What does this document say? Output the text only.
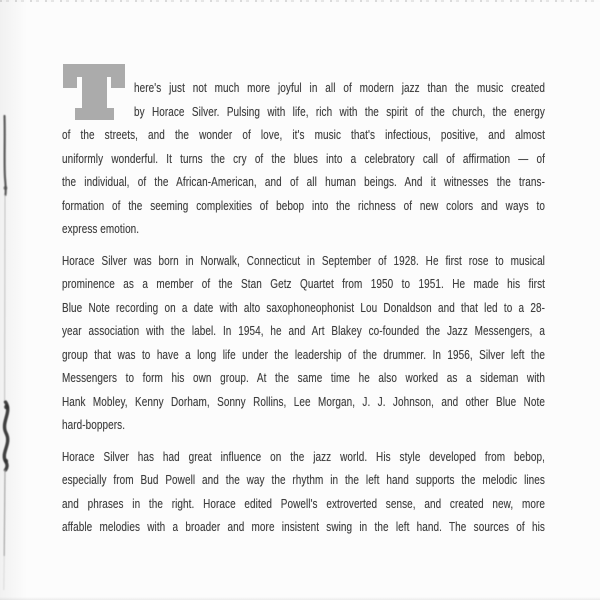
here's just not much more joyful in all of modern jazz than the music created
by Horace Silver. Pulsing with life, rich with the spirit of the church, the energy
of the streets, and the wonder of love, it's music that's infectious, positive, and almost
uniformly wonderful. It turns the cry of the blues into a celebratory call of affirmation — of
the individual, of the African-American, and of all human beings. And it witnesses the trans-
formation of the seeming complexities of bebop into the richness of new colors and ways to
express emotion.
Horace Silver was born in Norwalk, Connecticut in September of 1928. He first rose to musical
prominence as a member of the Stan Getz Quartet from 1950 to 1951. He made his first
Blue Note recording on a date with alto saxophoneophonist Lou Donaldson and that led to a 28-
year association with the label. In 1954, he and Art Blakey co-founded the Jazz Messengers, a
group that was to have a long life under the leadership of the drummer. In 1956, Silver left the
Messengers to form his own group. At the same time he also worked as a sideman with
Hank Mobley, Kenny Dorham, Sonny Rollins, Lee Morgan, J. J. Johnson, and other Blue Note
hard-boppers.
Horace Silver has had great influence on the jazz world. His style developed from bebop,
especially from Bud Powell and the way the rhythm in the left hand supports the melodic lines
and phrases in the right. Horace edited Powell's extroverted sense, and created new, more
affable melodies with a broader and more insistent swing in the left hand. The sources of his
